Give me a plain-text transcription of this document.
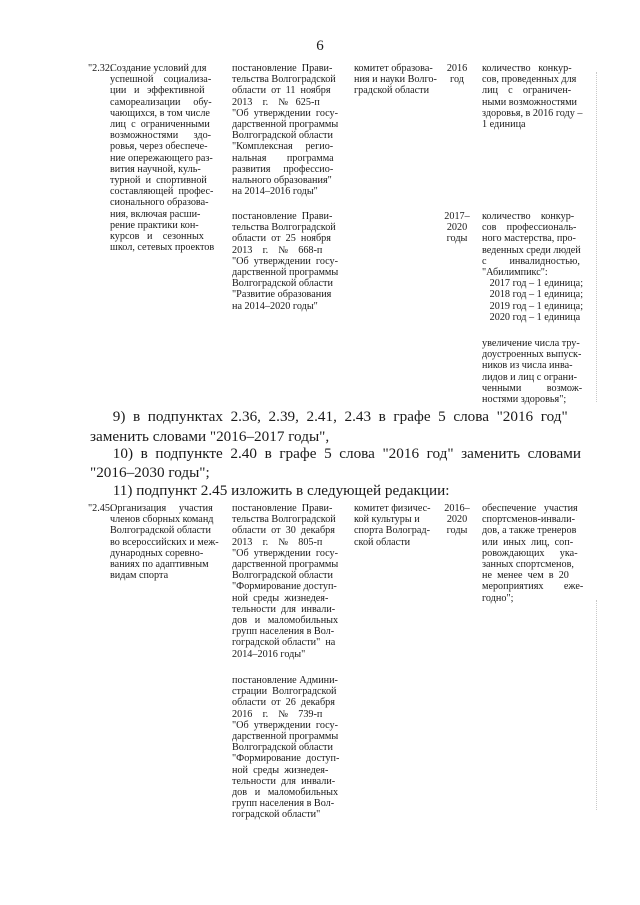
6
"2.32.
Создание условий для
успешной    социализа-
ции   и   эффективной
самореализации     обу-
чающихся, в том числе
лиц  с  ограниченными
возможностями      здо-
ровья, через обеспече-
ние опережающего раз-
вития научной, куль-
турной  и  спортивной
составляющей  профес-
сионального образова-
ния, включая расши-
рение практики кон-
курсов   и    сезонных
школ, сетевых проектов
постановление  Прави-
тельства Волгоградской
области  от  11  ноября
2013    г.    №   625-п
"Об  утверждении  госу-
дарственной программы
Волгоградской области
"Комплексная     регио-
нальная        программа
развития     профессио-
нального образования"
на 2014–2016 годы"
постановление  Прави-
тельства Волгоградской
области  от  25  ноября
2013    г.    №    668-п
"Об  утверждении  госу-
дарственной программы
Волгоградской области
"Развитие образования
на 2014–2020 годы"
комитет образова-
ния и науки Волго-
градской области
2016
год
2017–
2020
годы
количество   конкур-
сов, проведенных для
лиц    с    ограничен-
ными возможностями
здоровья, в 2016 году –
1 единица
количество    конкур-
сов    профессиональ-
ного мастерства, про-
веденных среди людей
с         инвалидностью,
"Абилимпикс":
2017 год – 1 единица;
2018 год – 1 единица;
2019 год – 1 единица;
2020 год – 1 единица
увеличение числа тру-
доустроенных выпуск-
ников из числа инва-
лидов и лиц с ограни-
ченными          возмож-
ностями здоровья";
9)  в  подпунктах  2.36,  2.39,  2.41,  2.43  в  графе  5  слова  "2016  год"
заменить словами "2016–2017 годы",
10)  в  подпункте  2.40  в  графе  5  слова  "2016  год"  заменить  словами
"2016–2030 годы";
11) подпункт 2.45 изложить в следующей редакции:
"2.45.
Организация     участия
членов сборных команд
Волгоградской области
во всероссийских и меж-
дународных соревно-
ваниях по адаптивным
видам спорта
постановление  Прави-
тельства Волгоградской
области  от  30  декабря
2013    г.    №    805-п
"Об  утверждении  госу-
дарственной программы
Волгоградской области
"Формирование доступ-
ной  среды  жизнедея-
тельности  для  инвали-
дов   и   маломобильных
групп населения в Вол-
гоградской области"  на
2014–2016 годы"
постановление Админи-
страции  Волгоградской
области  от  26  декабря
2016    г.    №    739-п
"Об  утверждении  госу-
дарственной программы
Волгоградской области
"Формирование  доступ-
ной  среды  жизнедея-
тельности  для  инвали-
дов   и   маломобильных
групп населения в Вол-
гоградской области"
комитет физичес-
кой культуры и
спорта Волоград-
ской области
2016–
2020
годы
обеспечение   участия
спортсменов-инвали-
дов, а также тренеров
или  иных  лиц,  соп-
ровождающих      ука-
занных спортсменов,
не  менее  чем  в  20
мероприятиях        еже-
годно";
